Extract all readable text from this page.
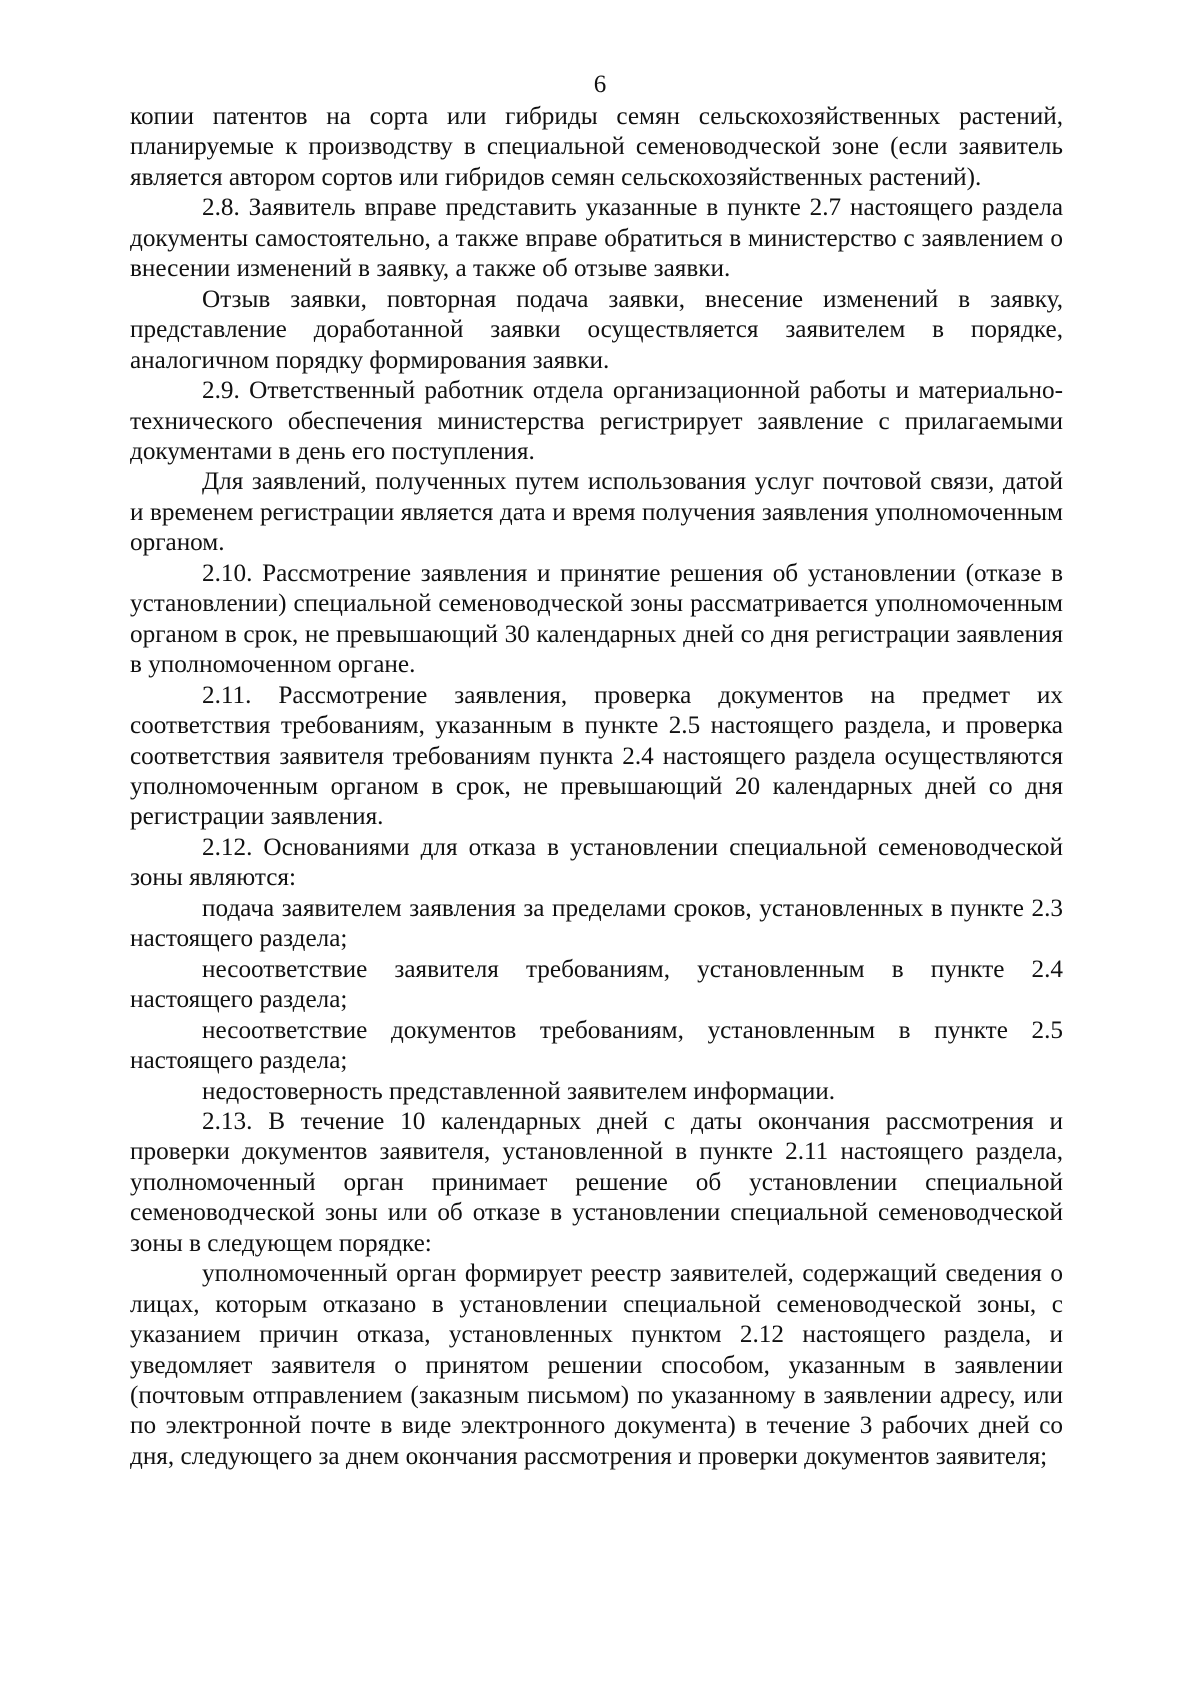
6

копии патентов на сорта или гибриды семян сельскохозяйственных растений, планируемые к производству в специальной семеноводческой зоне (если заявитель является автором сортов или гибридов семян сельскохозяйственных растений).

2.8. Заявитель вправе представить указанные в пункте 2.7 настоящего раздела документы самостоятельно, а также вправе обратиться в министерство с заявлением о внесении изменений в заявку, а также об отзыве заявки.

Отзыв заявки, повторная подача заявки, внесение изменений в заявку, представление доработанной заявки осуществляется заявителем в порядке, аналогичном порядку формирования заявки.

2.9. Ответственный работник отдела организационной работы и материально-технического обеспечения министерства регистрирует заявление с прилагаемыми документами в день его поступления.

Для заявлений, полученных путем использования услуг почтовой связи, датой и временем регистрации является дата и время получения заявления уполномоченным органом.

2.10. Рассмотрение заявления и принятие решения об установлении (отказе в установлении) специальной семеноводческой зоны рассматривается уполномоченным органом в срок, не превышающий 30 календарных дней со дня регистрации заявления в уполномоченном органе.

2.11. Рассмотрение заявления, проверка документов на предмет их соответствия требованиям, указанным в пункте 2.5 настоящего раздела, и проверка соответствия заявителя требованиям пункта 2.4 настоящего раздела осуществляются уполномоченным органом в срок, не превышающий 20 календарных дней со дня регистрации заявления.

2.12. Основаниями для отказа в установлении специальной семеноводческой зоны являются:

подача заявителем заявления за пределами сроков, установленных в пункте 2.3 настоящего раздела;

несоответствие заявителя требованиям, установленным в пункте 2.4 настоящего раздела;

несоответствие документов требованиям, установленным в пункте 2.5 настоящего раздела;

недостоверность представленной заявителем информации.

2.13. В течение 10 календарных дней с даты окончания рассмотрения и проверки документов заявителя, установленной в пункте 2.11 настоящего раздела, уполномоченный орган принимает решение об установлении специальной семеноводческой зоны или об отказе в установлении специальной семеноводческой зоны в следующем порядке:

уполномоченный орган формирует реестр заявителей, содержащий сведения о лицах, которым отказано в установлении специальной семеноводческой зоны, с указанием причин отказа, установленных пунктом 2.12 настоящего раздела, и уведомляет заявителя о принятом решении способом, указанным в заявлении (почтовым отправлением (заказным письмом) по указанному в заявлении адресу, или по электронной почте в виде электронного документа) в течение 3 рабочих дней со дня, следующего за днем окончания рассмотрения и проверки документов заявителя;
